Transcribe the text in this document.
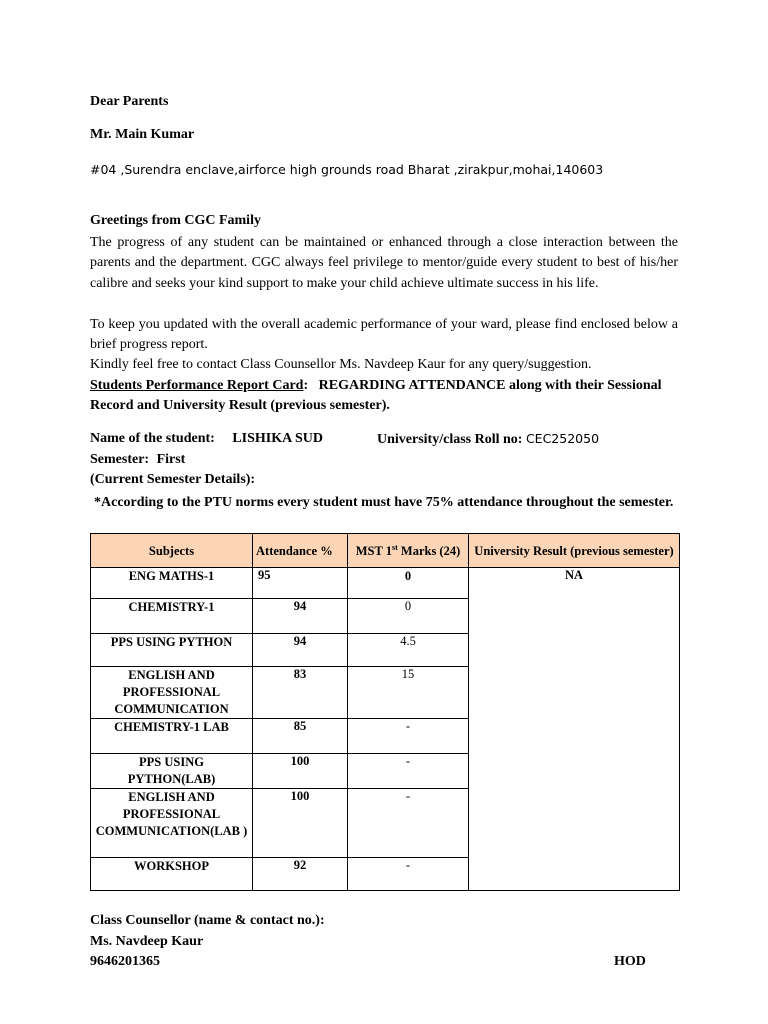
Dear Parents
Mr. Main Kumar
#04 ,Surendra enclave,airforce high grounds road Bharat ,zirakpur,mohai,140603
Greetings from CGC Family
The progress of any student can be maintained or enhanced through a close interaction between the parents and the department. CGC always feel privilege to mentor/guide every student to best of his/her calibre and seeks your kind support to make your child achieve ultimate success in his life.
To keep you updated with the overall academic performance of your ward, please find enclosed below a brief progress report.
Kindly feel free to contact Class Counsellor Ms. Navdeep Kaur for any query/suggestion.
Students Performance Report Card: REGARDING ATTENDANCE along with their Sessional Record and University Result (previous semester).
Name of the student: LISHIKA SUD	University/class Roll no: CEC252050
Semester: First
(Current Semester Details):
*According to the PTU norms every student must have 75% attendance throughout the semester.
Subjects	Attendance %	MST 1st Marks (24)	University Result (previous semester)
ENG MATHS-1	95	0	NA
CHEMISTRY-1	94	0	
PPS USING PYTHON	94	4.5	
ENGLISH AND PROFESSIONAL COMMUNICATION	83	15	
CHEMISTRY-1 LAB	85	-	
PPS USING PYTHON(LAB)	100	-	
ENGLISH AND PROFESSIONAL COMMUNICATION(LAB )	100	-	
WORKSHOP	92	-	
Class Counsellor (name & contact no.):
Ms. Navdeep Kaur
9646201365	HOD
